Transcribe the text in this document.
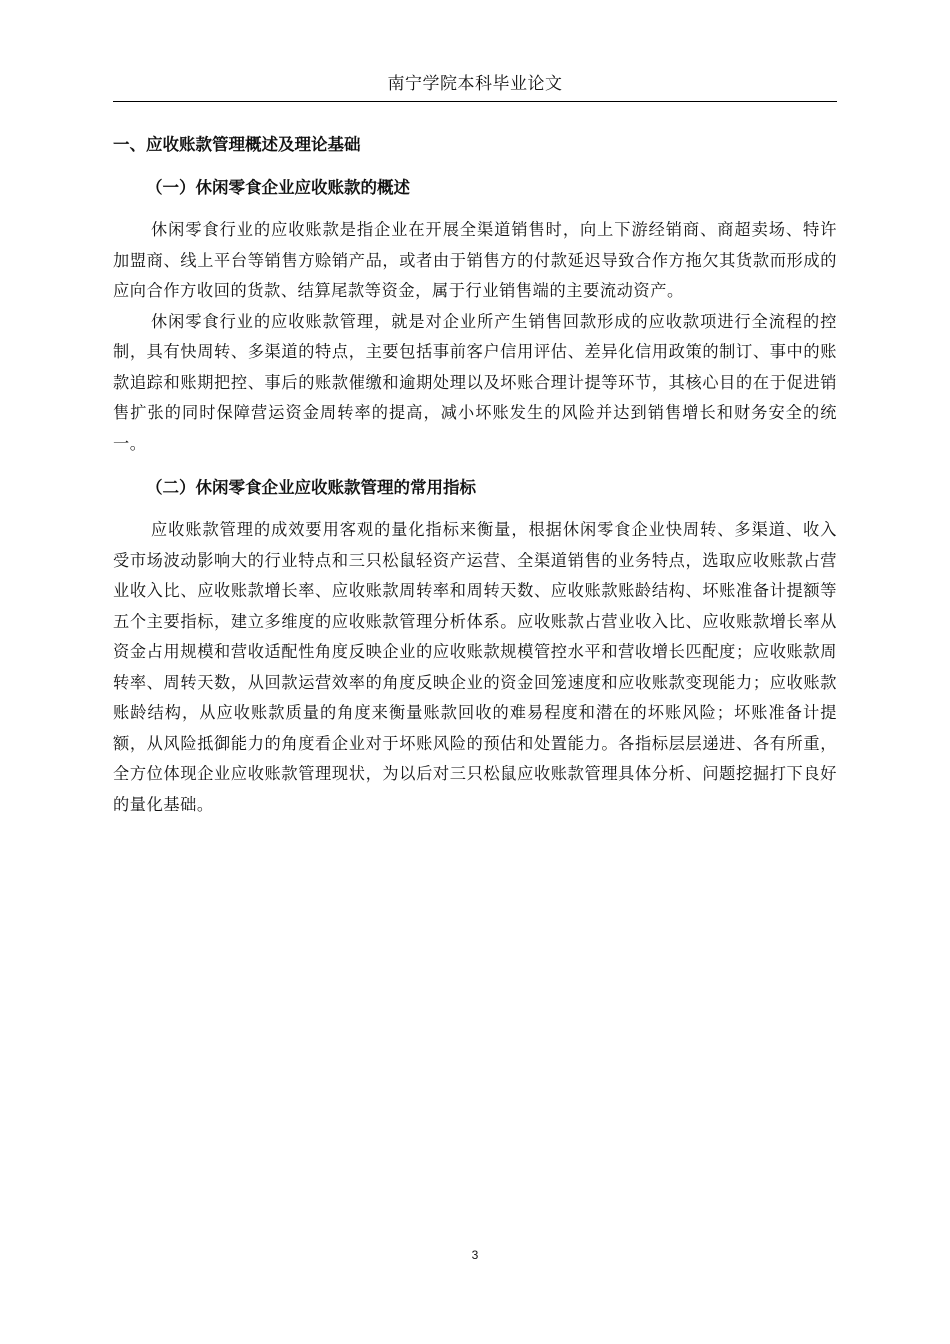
南宁学院本科毕业论文
一、应收账款管理概述及理论基础
（一）休闲零食企业应收账款的概述

休闲零食行业的应收账款是指企业在开展全渠道销售时，向上下游经销商、商超卖场、特许加盟商、线上平台等销售方赊销产品，或者由于销售方的付款延迟导致合作方拖欠其货款而形成的应向合作方收回的货款、结算尾款等资金，属于行业销售端的主要流动资产。

休闲零食行业的应收账款管理，就是对企业所产生销售回款形成的应收款项进行全流程的控制，具有快周转、多渠道的特点，主要包括事前客户信用评估、差异化信用政策的制订、事中的账款追踪和账期把控、事后的账款催缴和逾期处理以及坏账合理计提等环节，其核心目的在于促进销售扩张的同时保障营运资金周转率的提高，减小坏账发生的风险并达到销售增长和财务安全的统一。

（二）休闲零食企业应收账款管理的常用指标

应收账款管理的成效要用客观的量化指标来衡量，根据休闲零食企业快周转、多渠道、收入受市场波动影响大的行业特点和三只松鼠轻资产运营、全渠道销售的业务特点，选取应收账款占营业收入比、应收账款增长率、应收账款周转率和周转天数、应收账款账龄结构、坏账准备计提额等五个主要指标，建立多维度的应收账款管理分析体系。应收账款占营业收入比、应收账款增长率从资金占用规模和营收适配性角度反映企业的应收账款规模管控水平和营收增长匹配度；应收账款周转率、周转天数，从回款运营效率的角度反映企业的资金回笼速度和应收账款变现能力；应收账款账龄结构，从应收账款质量的角度来衡量账款回收的难易程度和潜在的坏账风险；坏账准备计提额，从风险抵御能力的角度看企业对于坏账风险的预估和处置能力。各指标层层递进、各有所重，全方位体现企业应收账款管理现状，为以后对三只松鼠应收账款管理具体分析、问题挖掘打下良好的量化基础。

3
